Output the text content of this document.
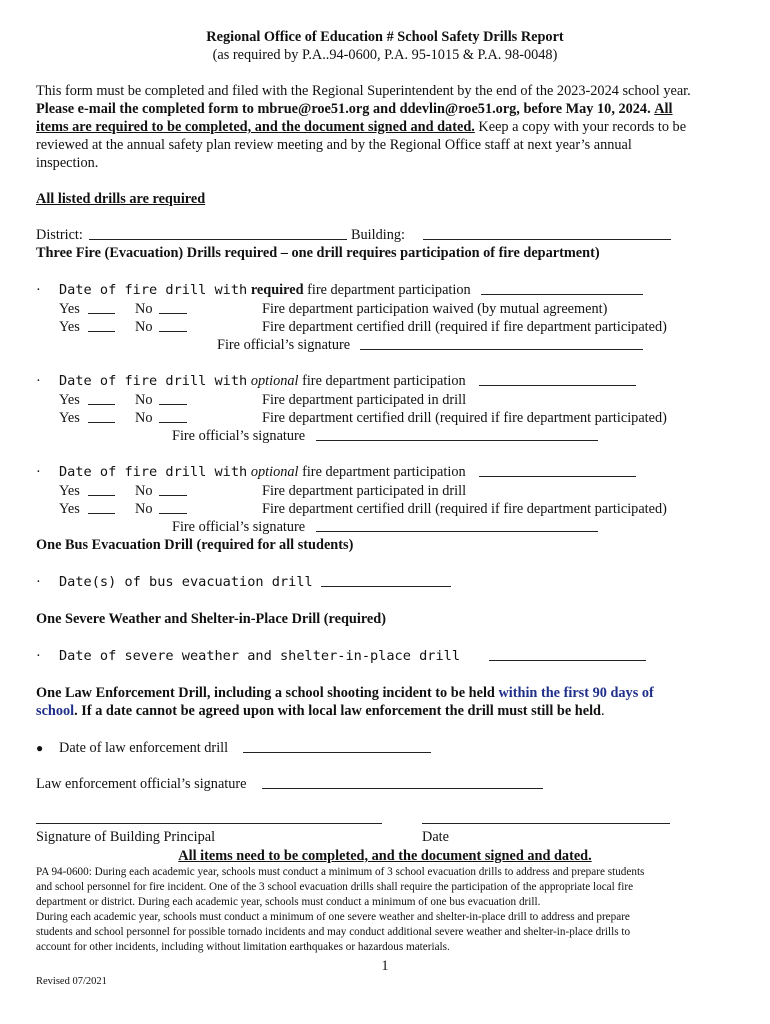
Regional Office of Education # School Safety Drills Report
(as required by P.A..94-0600, P.A. 95-1015 & P.A. 98-0048)
This form must be completed and filed with the Regional Superintendent by the end of the 2023-2024 school year.
Please e-mail the completed form to mbrue@roe51.org and ddevlin@roe51.org, before May 10, 2024. All
items are required to be completed, and the document signed and dated. Keep a copy with your records to be
reviewed at the annual safety plan review meeting and by the Regional Office staff at next year’s annual
inspection.
All listed drills are required
District:	Building:
Three Fire (Evacuation) Drills required – one drill requires participation of fire department)
· Date of fire drill with required fire department participation
Yes	No	Fire department participation waived (by mutual agreement)
Yes	No	Fire department certified drill (required if fire department participated)
Fire official’s signature
· Date of fire drill with optional fire department participation
Yes	No	Fire department participated in drill
Yes	No	Fire department certified drill (required if fire department participated)
Fire official’s signature
· Date of fire drill with optional fire department participation
Yes	No	Fire department participated in drill
Yes	No	Fire department certified drill (required if fire department participated)
Fire official’s signature
One Bus Evacuation Drill (required for all students)
· Date(s) of bus evacuation drill
One Severe Weather and Shelter-in-Place Drill (required)
· Date of severe weather and shelter-in-place drill
One Law Enforcement Drill, including a school shooting incident to be held within the first 90 days of
school. If a date cannot be agreed upon with local law enforcement the drill must still be held.
● Date of law enforcement drill
Law enforcement official’s signature
Signature of Building Principal	Date
All items need to be completed, and the document signed and dated.
PA 94-0600: During each academic year, schools must conduct a minimum of 3 school evacuation drills to address and prepare students
and school personnel for fire incident. One of the 3 school evacuation drills shall require the participation of the appropriate local fire
department or district. During each academic year, schools must conduct a minimum of one bus evacuation drill.
During each academic year, schools must conduct a minimum of one severe weather and shelter-in-place drill to address and prepare
students and school personnel for possible tornado incidents and may conduct additional severe weather and shelter-in-place drills to
account for other incidents, including without limitation earthquakes or hazardous materials.
1
Revised 07/2021
